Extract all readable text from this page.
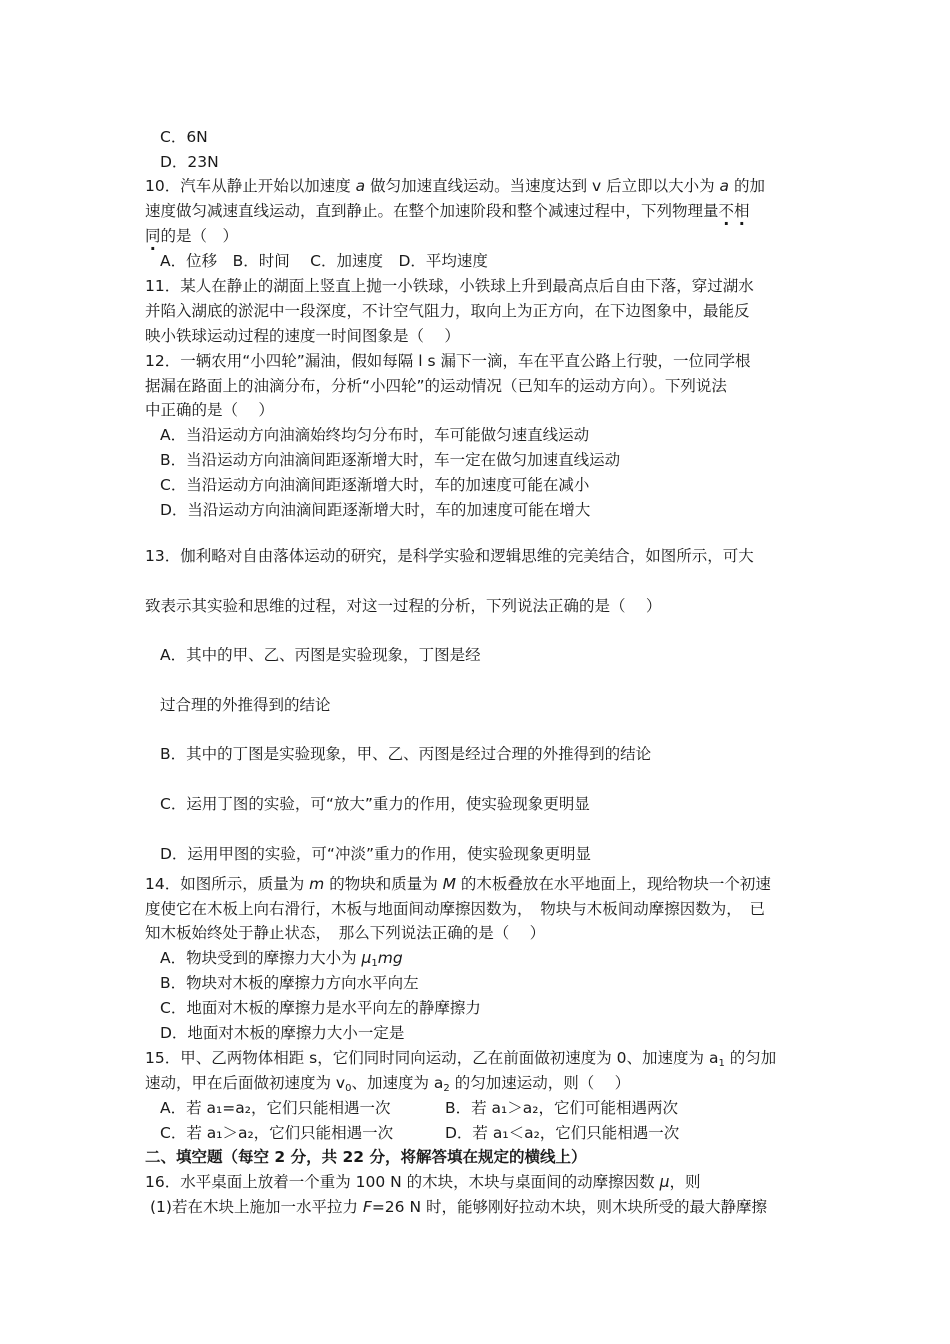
C．6N
D．23N
10．汽车从静止开始以加速度 a 做匀加速直线运动。当速度达到 v 后立即以大小为 a 的加
速度做匀减速直线运动，直到静止。在整个加速阶段和整个减速过程中，下列物理量不相
同的是（　）
A．位移　B．时间　 C．加速度　D．平均速度
11．某人在静止的湖面上竖直上抛一小铁球，小铁球上升到最高点后自由下落，穿过湖水
并陷入湖底的淤泥中一段深度，不计空气阻力，取向上为正方向，在下边图象中，最能反
映小铁球运动过程的速度一时间图象是（　 ）
12．一辆农用“小四轮”漏油，假如每隔 l s 漏下一滴，车在平直公路上行驶，一位同学根
据漏在路面上的油滴分布，分析“小四轮”的运动情况（已知车的运动方向）。下列说法
中正确的是（　 ）
A．当沿运动方向油滴始终均匀分布时，车可能做匀速直线运动
B．当沿运动方向油滴间距逐渐增大时，车一定在做匀加速直线运动
C．当沿运动方向油滴间距逐渐增大时，车的加速度可能在减小
D．当沿运动方向油滴间距逐渐增大时，车的加速度可能在增大
13．伽利略对自由落体运动的研究，是科学实验和逻辑思维的完美结合，如图所示，可大
致表示其实验和思维的过程，对这一过程的分析，下列说法正确的是（　 ）
A．其中的甲、乙、丙图是实验现象，丁图是经
过合理的外推得到的结论
B．其中的丁图是实验现象，甲、乙、丙图是经过合理的外推得到的结论
C．运用丁图的实验，可“放大”重力的作用，使实验现象更明显
D．运用甲图的实验，可“冲淡”重力的作用，使实验现象更明显
14．如图所示，质量为 m 的物块和质量为 M 的木板叠放在水平地面上，现给物块一个初速
度使它在木板上向右滑行，木板与地面间动摩擦因数为，　物块与木板间动摩擦因数为，　已
知木板始终处于静止状态，　那么下列说法正确的是（　 ）
A．物块受到的摩擦力大小为 $\mu_1mg$
B．物块对木板的摩擦力方向水平向左
C．地面对木板的摩擦力是水平向左的静摩擦力
D．地面对木板的摩擦力大小一定是
15．甲、乙两物体相距 s，它们同时同向运动，乙在前面做初速度为 0、加速度为 $a_1$ 的匀加
速动，甲在后面做初速度为 $v_0$、加速度为 $a_2$ 的匀加速运动，则（　 ）
A．若 a₁=a₂，它们只能相遇一次	B．若 a₁＞a₂，它们可能相遇两次
C．若 a₁＞a₂，它们只能相遇一次	D．若 a₁＜a₂，它们只能相遇一次
二、填空题（每空 2 分，共 22 分，将解答填在规定的横线上）
16．水平桌面上放着一个重为 100 N 的木块，木块与桌面间的动摩擦因数 μ，则
(1)若在木块上施加一水平拉力 F=26 N 时，能够刚好拉动木块，则木块所受的最大静摩擦
